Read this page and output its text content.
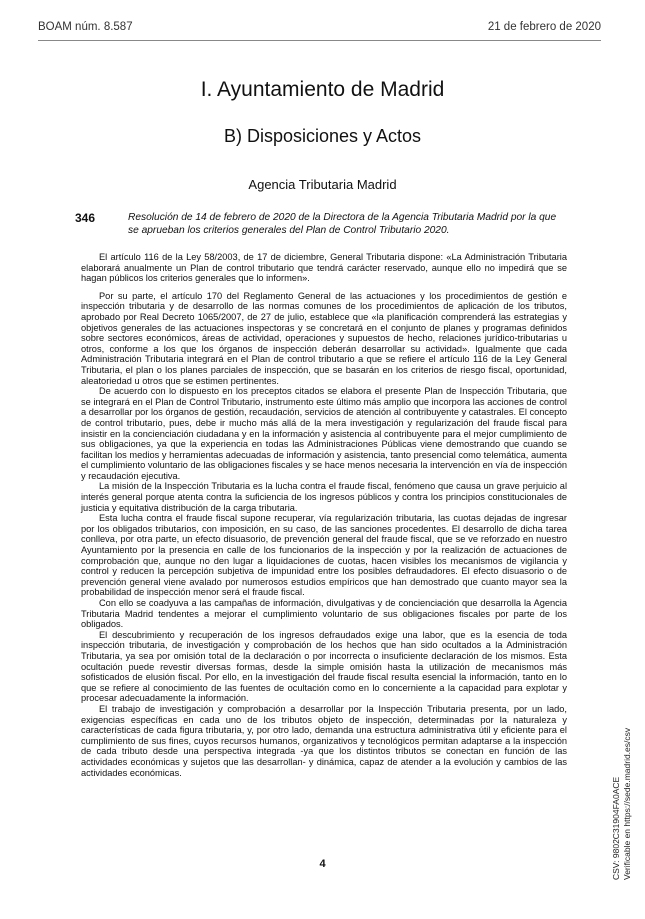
BOAM núm. 8.587	21 de febrero de 2020
I. Ayuntamiento de Madrid
B) Disposiciones y Actos
Agencia Tributaria Madrid
346	Resolución de 14 de febrero de 2020 de la Directora de la Agencia Tributaria Madrid por la que se aprueban los criterios generales del Plan de Control Tributario 2020.

El artículo 116 de la Ley 58/2003, de 17 de diciembre, General Tributaria dispone: «La Administración Tributaria elaborará anualmente un Plan de control tributario que tendrá carácter reservado, aunque ello no impedirá que se hagan públicos los criterios generales que lo informen».

Por su parte, el artículo 170 del Reglamento General de las actuaciones y los procedimientos de gestión e inspección tributaria y de desarrollo de las normas comunes de los procedimientos de aplicación de los tributos, aprobado por Real Decreto 1065/2007, de 27 de julio, establece que «la planificación comprenderá las estrategias y objetivos generales de las actuaciones inspectoras y se concretará en el conjunto de planes y programas definidos sobre sectores económicos, áreas de actividad, operaciones y supuestos de hecho, relaciones jurídico-tributarias u otros, conforme a los que los órganos de inspección deberán desarrollar su actividad». Igualmente que cada Administración Tributaria integrará en el Plan de control tributario a que se refiere el artículo 116 de la Ley General Tributaria, el plan o los planes parciales de inspección, que se basarán en los criterios de riesgo fiscal, oportunidad, aleatoriedad u otros que se estimen pertinentes.

De acuerdo con lo dispuesto en los preceptos citados se elabora el presente Plan de Inspección Tributaria, que se integrará en el Plan de Control Tributario, instrumento este último más amplio que incorpora las acciones de control a desarrollar por los órganos de gestión, recaudación, servicios de atención al contribuyente y catastrales. El concepto de control tributario, pues, debe ir mucho más allá de la mera investigación y regularización del fraude fiscal para insistir en la concienciación ciudadana y en la información y asistencia al contribuyente para el mejor cumplimiento de sus obligaciones, ya que la experiencia en todas las Administraciones Públicas viene demostrando que cuando se facilitan los medios y herramientas adecuadas de información y asistencia, tanto presencial como telemática, aumenta el cumplimiento voluntario de las obligaciones fiscales y se hace menos necesaria la intervención en vía de inspección y recaudación ejecutiva.

La misión de la Inspección Tributaria es la lucha contra el fraude fiscal, fenómeno que causa un grave perjuicio al interés general porque atenta contra la suficiencia de los ingresos públicos y contra los principios constitucionales de justicia y equitativa distribución de la carga tributaria.

Esta lucha contra el fraude fiscal supone recuperar, vía regularización tributaria, las cuotas dejadas de ingresar por los obligados tributarios, con imposición, en su caso, de las sanciones procedentes. El desarrollo de dicha tarea conlleva, por otra parte, un efecto disuasorio, de prevención general del fraude fiscal, que se ve reforzado en nuestro Ayuntamiento por la presencia en calle de los funcionarios de la inspección y por la realización de actuaciones de comprobación que, aunque no den lugar a liquidaciones de cuotas, hacen visibles los mecanismos de vigilancia y control y reducen la percepción subjetiva de impunidad entre los posibles defraudadores. El efecto disuasorio o de prevención general viene avalado por numerosos estudios empíricos que han demostrado que cuanto mayor sea la probabilidad de inspección menor será el fraude fiscal.

Con ello se coadyuva a las campañas de información, divulgativas y de concienciación que desarrolla la Agencia Tributaria Madrid tendentes a mejorar el cumplimiento voluntario de sus obligaciones fiscales por parte de los obligados.

El descubrimiento y recuperación de los ingresos defraudados exige una labor, que es la esencia de toda inspección tributaria, de investigación y comprobación de los hechos que han sido ocultados a la Administración Tributaria, ya sea por omisión total de la declaración o por incorrecta o insuficiente declaración de los mismos. Esta ocultación puede revestir diversas formas, desde la simple omisión hasta la utilización de mecanismos más sofisticados de elusión fiscal. Por ello, en la investigación del fraude fiscal resulta esencial la información, tanto en lo que se refiere al conocimiento de las fuentes de ocultación como en lo concerniente a la capacidad para explotar y procesar adecuadamente la información.

El trabajo de investigación y comprobación a desarrollar por la Inspección Tributaria presenta, por un lado, exigencias específicas en cada uno de los tributos objeto de inspección, determinadas por la naturaleza y características de cada figura tributaria, y, por otro lado, demanda una estructura administrativa útil y eficiente para el cumplimiento de sus fines, cuyos recursos humanos, organizativos y tecnológicos permitan adaptarse a la inspección de cada tributo desde una perspectiva integrada -ya que los distintos tributos se conectan en función de las actividades económicas y sujetos que las desarrollan- y dinámica, capaz de atender a la evolución y cambios de las actividades económicas.

4	CSV: 9802C31904FA0ACE Verificable en https://sede.madrid.es/csv
